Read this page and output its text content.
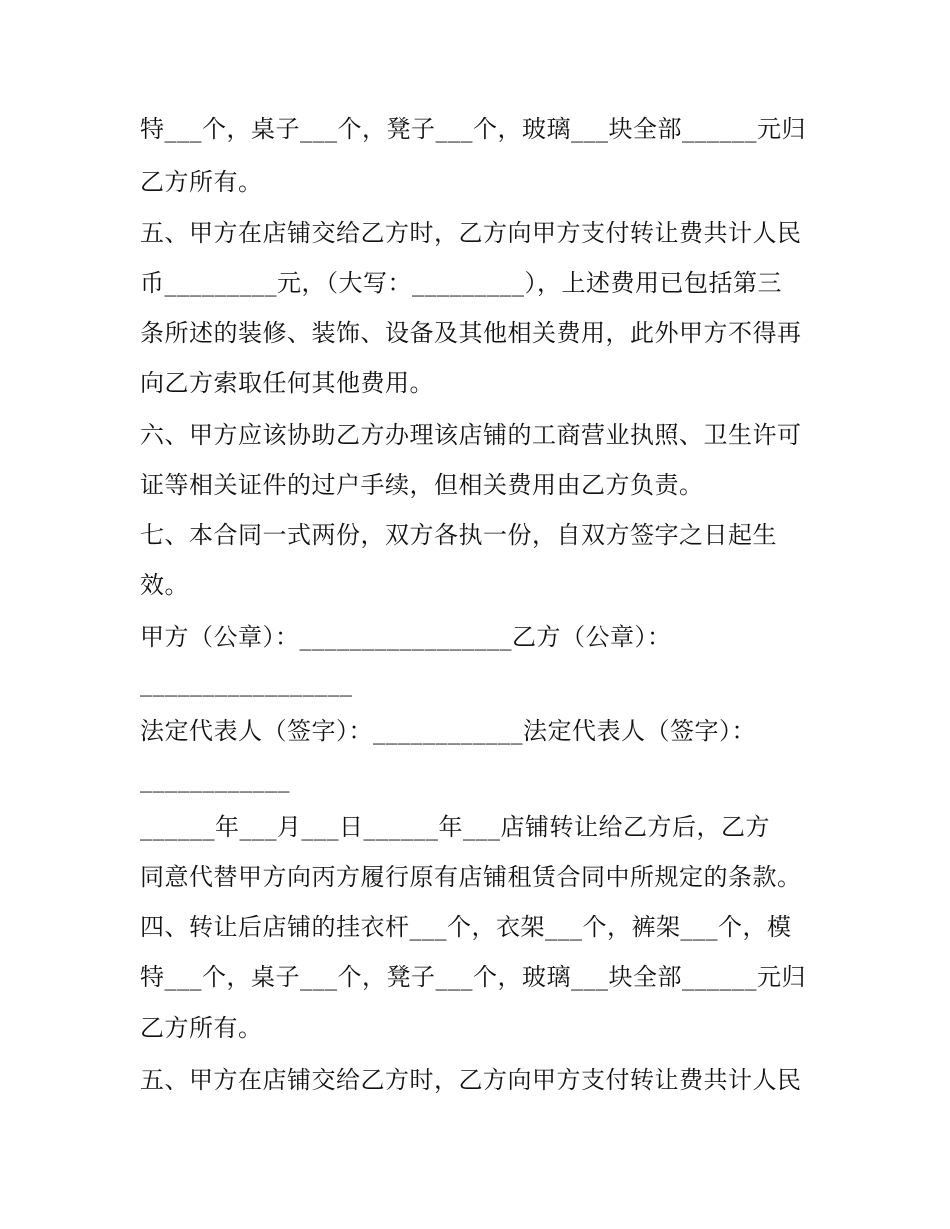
特___个，桌子___个，凳子___个，玻璃___块全部______元归
乙方所有。
五、甲方在店铺交给乙方时，乙方向甲方支付转让费共计人民
币_________元，（大写：_________），上述费用已包括第三
条所述的装修、装饰、设备及其他相关费用，此外甲方不得再
向乙方索取任何其他费用。
六、甲方应该协助乙方办理该店铺的工商营业执照、卫生许可
证等相关证件的过户手续，但相关费用由乙方负责。
七、本合同一式两份，双方各执一份，自双方签字之日起生
效。
甲方（公章）：_________________乙方（公章）：
_________________
法定代表人（签字）：____________法定代表人（签字）：
____________
______年___月___日______年___店铺转让给乙方后，乙方
同意代替甲方向丙方履行原有店铺租赁合同中所规定的条款。
四、转让后店铺的挂衣杆___个，衣架___个，裤架___个，模
特___个，桌子___个，凳子___个，玻璃___块全部______元归
乙方所有。
五、甲方在店铺交给乙方时，乙方向甲方支付转让费共计人民
